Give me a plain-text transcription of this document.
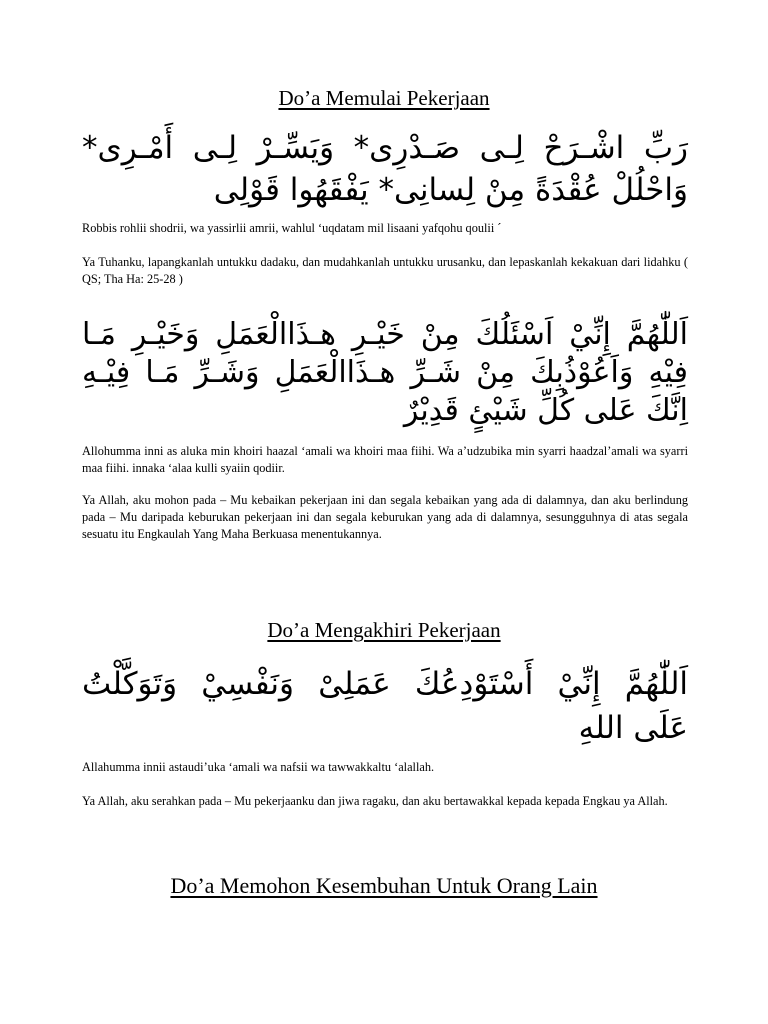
Do’a Memulai Pekerjaan

رَبِّ اشْـرَحْ لِـى صَـدْرِى* وَيَسِّـرْ لِـى أَمْـرِى*

وَاحْلُلْ عُقْدَةً مِنْ لِسانِى* يَفْقَهُوا قَوْلِى

Robbis rohlii shodrii, wa yassirlii amrii, wahlul ‘uqdatam mil lisaani yafqohu qoulii ´

Ya Tuhanku, lapangkanlah untukku dadaku, dan mudahkanlah untukku urusanku, dan lepaskanlah kekakuan dari lidahku ( QS; Tha Ha: 25-28 )

اَللّٰهُمَّ إِنِّيْ اَسْئَلُكَ مِنْ خَيْـرِ هـذَاالْعَمَلِ وَخَيْـرِ مَـا فِيْهِ وَاَعُوْذُبِكَ مِنْ شَـرِّ هـذَاالْعَمَلِ وَشَـرِّ مَـا فِيْـهِ اِنَّكَ عَلى كُلِّ شَيْئٍ قَدِيْرٌ

Allohumma inni as aluka min khoiri haazal ‘amali wa khoiri maa fiihi. Wa a’udzubika min syarri haadzal’amali wa syarri maa fiihi. innaka ‘alaa kulli syaiin qodiir.

Ya Allah, aku mohon pada – Mu kebaikan pekerjaan ini dan segala kebaikan yang ada di dalamnya, dan aku berlindung pada – Mu daripada keburukan pekerjaan ini dan segala keburukan yang ada di dalamnya, sesungguhnya di atas segala sesuatu itu Engkaulah Yang Maha Berkuasa menentukannya.

Do’a Mengakhiri Pekerjaan

اَللّٰهُمَّ إِنِّيْ أَسْتَوْدِعُكَ عَمَلِىْ وَنَفْسِيْ وَتَوَكَّلْتُ

عَلَى اللهِ

Allahumma innii astaudi’uka ‘amali wa nafsii wa tawwakkaltu ‘alallah.

Ya Allah, aku serahkan pada – Mu pekerjaanku dan jiwa ragaku, dan aku bertawakkal kepada kepada Engkau ya Allah.

Do’a Memohon Kesembuhan Untuk Orang Lain
